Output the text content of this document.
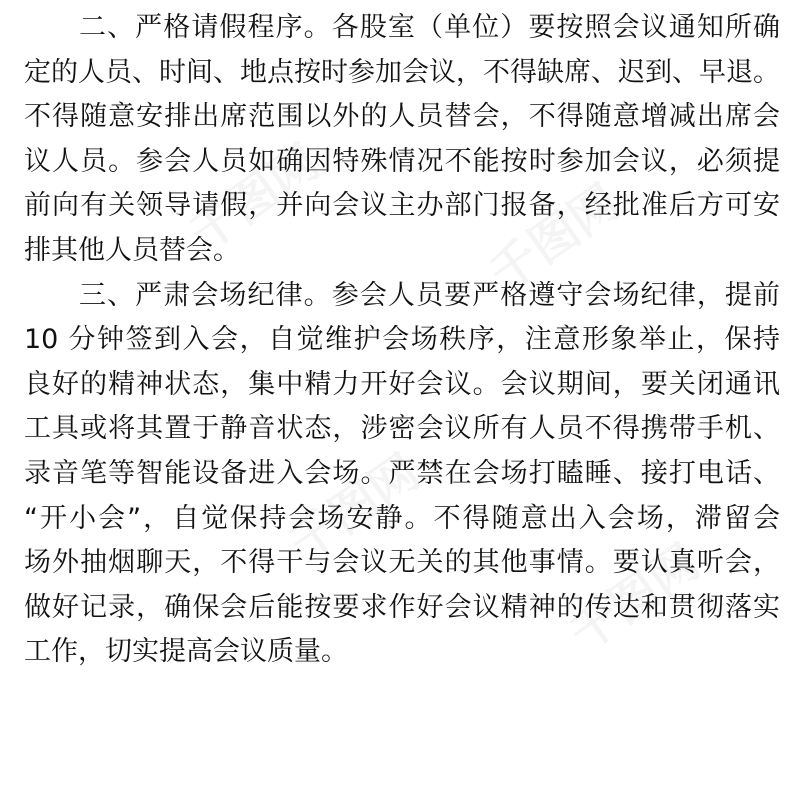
千图网	千图网
千图网
千图网
二、严格请假程序。各股室（单位）要按照会议通知所确
定的人员、时间、地点按时参加会议，不得缺席、迟到、早退。
不得随意安排出席范围以外的人员替会，不得随意增减出席会
议人员。参会人员如确因特殊情况不能按时参加会议，必须提
前向有关领导请假，并向会议主办部门报备，经批准后方可安
排其他人员替会。
三、严肃会场纪律。参会人员要严格遵守会场纪律，提前
10 分钟签到入会，自觉维护会场秩序，注意形象举止，保持
良好的精神状态，集中精力开好会议。会议期间，要关闭通讯
工具或将其置于静音状态，涉密会议所有人员不得携带手机、
录音笔等智能设备进入会场。严禁在会场打瞌睡、接打电话、
“开小会”，自觉保持会场安静。不得随意出入会场，滞留会
场外抽烟聊天，不得干与会议无关的其他事情。要认真听会，
做好记录，确保会后能按要求作好会议精神的传达和贯彻落实
工作，切实提高会议质量。
